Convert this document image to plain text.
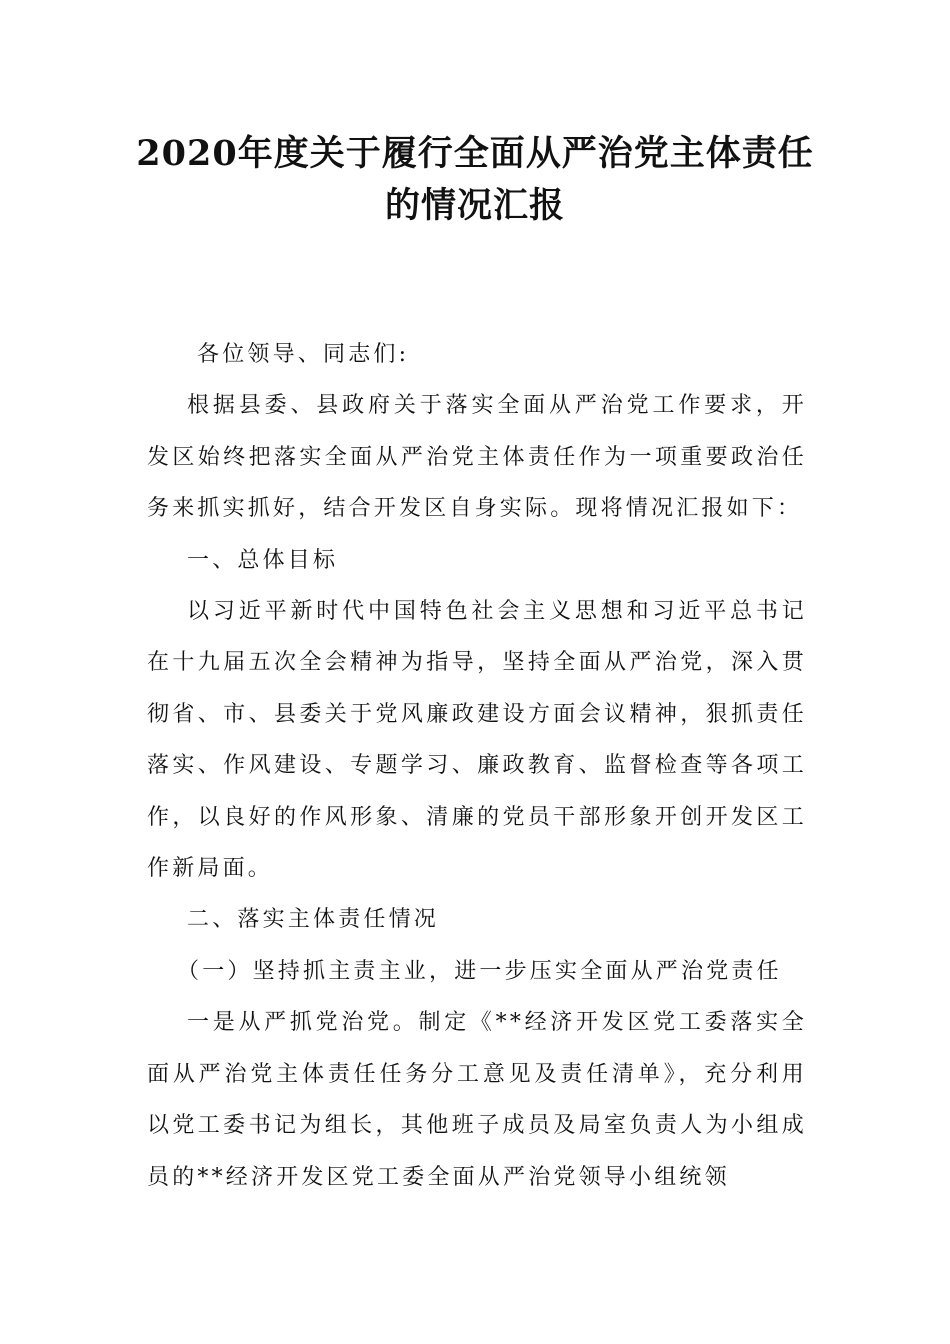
2020年度关于履行全面从严治党主体责任
的情况汇报

各位领导、同志们:

根据县委、县政府关于落实全面从严治党工作要求，开发区始终把落实全面从严治党主体责任作为一项重要政治任务来抓实抓好，结合开发区自身实际。现将情况汇报如下：

一、总体目标

以习近平新时代中国特色社会主义思想和习近平总书记在十九届五次全会精神为指导，坚持全面从严治党，深入贯彻省、市、县委关于党风廉政建设方面会议精神，狠抓责任落实、作风建设、专题学习、廉政教育、监督检查等各项工作，以良好的作风形象、清廉的党员干部形象开创开发区工作新局面。

二、落实主体责任情况

（一）坚持抓主责主业，进一步压实全面从严治党责任

一是从严抓党治党。制定《**经济开发区党工委落实全面从严治党主体责任任务分工意见及责任清单》，充分利用以党工委书记为组长，其他班子成员及局室负责人为小组成员的**经济开发区党工委全面从严治党领导小组统领
